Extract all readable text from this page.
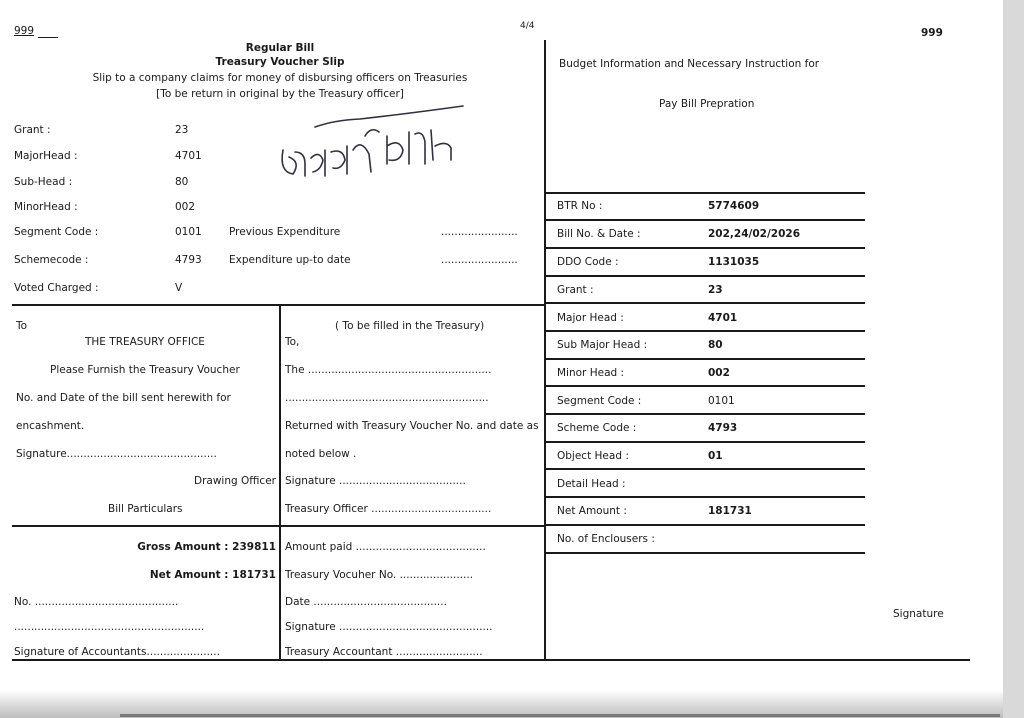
999	4/4
999
Regular Bill
Treasury Voucher Slip
Slip to a company claims for money of disbursing officers on Treasuries
[To be return in original by the Treasury officer]
Grant :	23
MajorHead :	4701
Sub-Head :	80
MinorHead :	002
Segment Code :	0101
Schemecode :	4793
Voted Charged :	V
Previous Expenditure	.......................
Expenditure up-to date	.......................
Budget Information and Necessary Instruction for
Pay Bill Prepration
BTR No :	5774609
Bill No. & Date :	202,24/02/2026
DDO Code :	1131035
Grant :	23
Major Head :	4701
Sub Major Head :	80
Minor Head :	002
Segment Code :	0101
Scheme Code :	4793
Object Head :	01
Detail Head :
Net Amount :	181731
No. of Enclousers :
Signature
To
THE TREASURY OFFICE
Please Furnish the Treasury Voucher
No. and Date of the bill sent herewith for
encashment.
Signature.............................................
Drawing Officer
Bill Particulars
( To be filled in the Treasury)
To,
The .......................................................
.............................................................
Returned with Treasury Voucher No. and date as
noted below .
Signature ......................................
Treasury Officer ....................................
Gross Amount : 239811
Net Amount : 181731
No. ...........................................
.........................................................
Signature of Accountants......................
Amount paid .......................................
Treasury Vocuher No. ......................
Date ........................................
Signature ..............................................
Treasury Accountant ..........................
